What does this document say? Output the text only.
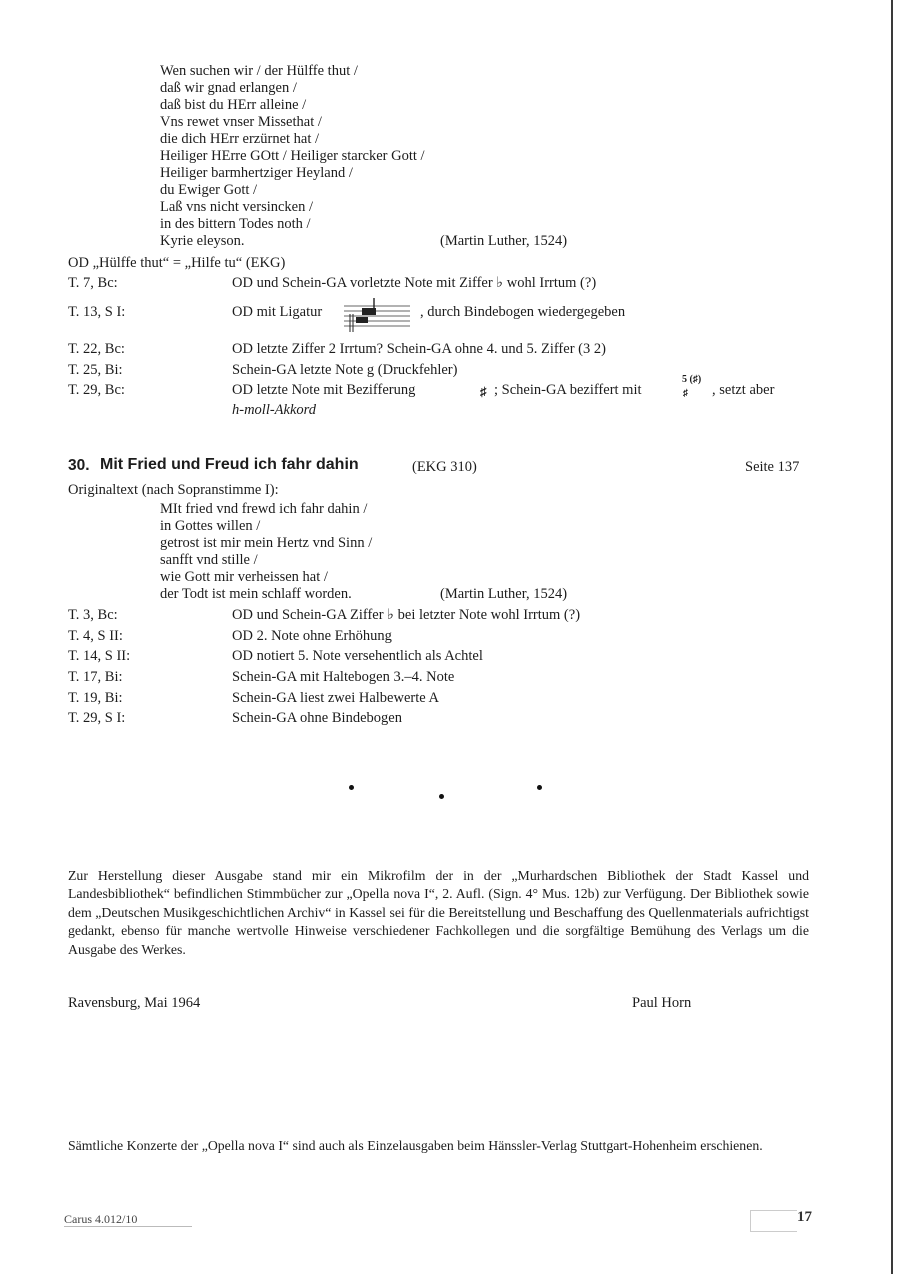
Wen suchen wir / der Hülffe thut /
daß wir gnad erlangen /
daß bist du HErr alleine /
Vns rewet vnser Missethat /
die dich HErr erzürnet hat /
Heiliger HErre GOtt / Heiliger starcker Gott /
Heiliger barmhertziger Heyland /
du Ewiger Gott /
Laß vns nicht versincken /
in des bittern Todes noth /
Kyrie eleyson.	(Martin Luther, 1524)
OD „Hülffe thut“ = „Hilfe tu“ (EKG)
T. 7, Bc:	OD und Schein-GA vorletzte Note mit Ziffer ♭ wohl Irrtum (?)
T. 13, S I:	OD mit Ligatur	, durch Bindebogen wiedergegeben
T. 22, Bc:	OD letzte Ziffer 2 Irrtum? Schein-GA ohne 4. und 5. Ziffer (3 2)
T. 25, Bi:	Schein-GA letzte Note g (Druckfehler)
T. 29, Bc:	OD letzte Note mit Bezifferung	♯ ; Schein-GA beziffert mit
5 (♯)
♯ , setzt aber
h-moll-Akkord
30. Mit Fried und Freud ich fahr dahin	(EKG 310)	Seite 137
Originaltext (nach Sopranstimme I):
MIt fried vnd frewd ich fahr dahin /
in Gottes willen /
getrost ist mir mein Hertz vnd Sinn /
sanfft vnd stille /
wie Gott mir verheissen hat /
der Todt ist mein schlaff worden.	(Martin Luther, 1524)
T. 3, Bc:	OD und Schein-GA Ziffer ♭ bei letzter Note wohl Irrtum (?)
T. 4, S II:	OD 2. Note ohne Erhöhung
T. 14, S II:	OD notiert 5. Note versehentlich als Achtel
T. 17, Bi:	Schein-GA mit Haltebogen 3.–4. Note
T. 19, Bi:	Schein-GA liest zwei Halbewerte A
T. 29, S I:	Schein-GA ohne Bindebogen
Zur Herstellung dieser Ausgabe stand mir ein Mikrofilm der in der „Murhardschen Bibliothek der Stadt Kassel und Landesbibliothek“ befindlichen Stimmbücher zur „Opella nova I“, 2. Aufl. (Sign. 4° Mus. 12b) zur Verfügung. Der Bibliothek sowie dem „Deutschen Musikgeschichtlichen Archiv“ in Kassel sei für die Bereitstellung und Beschaffung des Quellenmaterials aufrichtigst gedankt, ebenso für manche wertvolle Hinweise verschiedener Fachkollegen und die sorgfältige Bemühung des Verlags um die Ausgabe des Werkes.
Ravensburg, Mai 1964	Paul Horn
Sämtliche Konzerte der „Opella nova I“ sind auch als Einzelausgaben beim Hänssler-Verlag Stuttgart-Hohenheim erschienen.
Carus 4.012/10	17
